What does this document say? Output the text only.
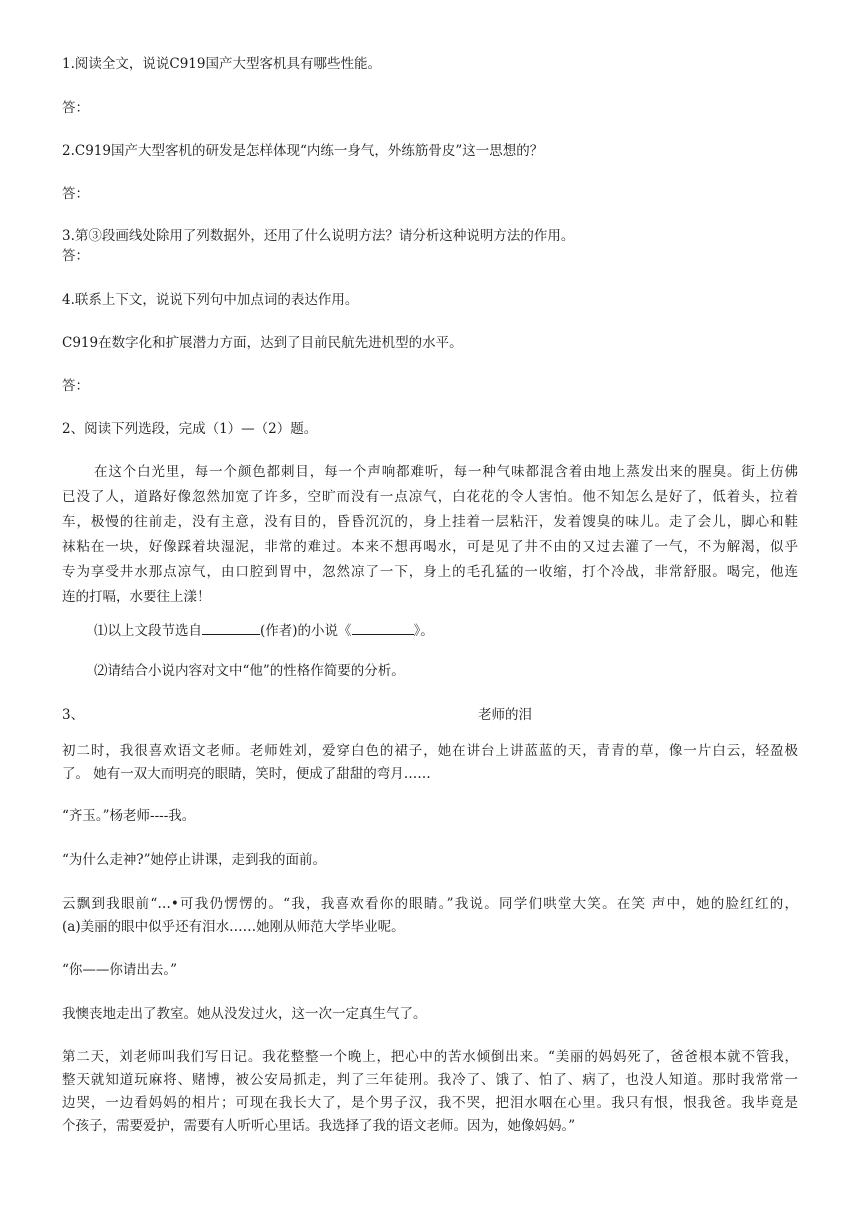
1.阅读全文，说说C919国产大型客机具有哪些性能。
答：
2.C919国产大型客机的研发是怎样体现“内练一身气，外练筋骨皮”这一思想的？
答：
3.第③段画线处除用了列数据外，还用了什么说明方法？请分析这种说明方法的作用。
答：
4.联系上下文，说说下列句中加点词的表达作用。
C919在数字化和扩展潜力方面，达到了目前民航先进机型的水平。
答：
2、阅读下列选段，完成（1）—（2）题。
在这个白光里，每一个颜色都刺目，每一个声响都难听，每一种气味都混含着由地上蒸发出来的腥臭。街上仿佛
已没了人，道路好像忽然加宽了许多，空旷而没有一点凉气，白花花的令人害怕。他不知怎么是好了，低着头，拉着
车，极慢的往前走，没有主意，没有目的，昏昏沉沉的，身上挂着一层粘汗，发着馊臭的味儿。走了会儿，脚心和鞋
袜粘在一块，好像踩着块湿泥，非常的难过。本来不想再喝水，可是见了井不由的又过去灌了一气，不为解渴，似乎
专为享受井水那点凉气，由口腔到胃中，忽然凉了一下，身上的毛孔猛的一收缩，打个冷战，非常舒服。喝完，他连
连的打嗝，水要往上漾！
⑴以上文段节选自	(作者)的小说《	》。
⑵请结合小说内容对文中“他”的性格作简要的分析。
3、	老师的泪
初二时，我很喜欢语文老师。老师姓刘，爱穿白色的裙子，她在讲台上讲蓝蓝的天，青青的草，像一片白云，轻盈极
了。 她有一双大而明亮的眼睛，笑时，便成了甜甜的弯月……
“齐玉。”杨老师----我。
“为什么走神?”她停止讲课，走到我的面前。
云飘到我眼前“…•可我仍愣愣的。“我，我喜欢看你的眼睛。”我说。同学们哄堂大笑。在笑 声中，她的脸红红的，
(a)美丽的眼中似乎还有泪水……她刚从师范大学毕业呢。
“你——你请出去。”
我懊丧地走出了教室。她从没发过火，这一次一定真生气了。
第二天，刘老师叫我们写日记。我花整整一个晚上，把心中的苦水倾倒出来。“美丽的妈妈死了，爸爸根本就不管我，
整天就知道玩麻将、赌博，被公安局抓走，判了三年徒刑。我冷了、饿了、怕了、病了，也没人知道。那时我常常一
边哭，一边看妈妈的相片；可现在我长大了，是个男子汉，我不哭，把泪水咽在心里。我只有恨，恨我爸。我毕竟是
个孩子，需要爱护，需要有人听听心里话。我选择了我的语文老师。因为，她像妈妈。”
